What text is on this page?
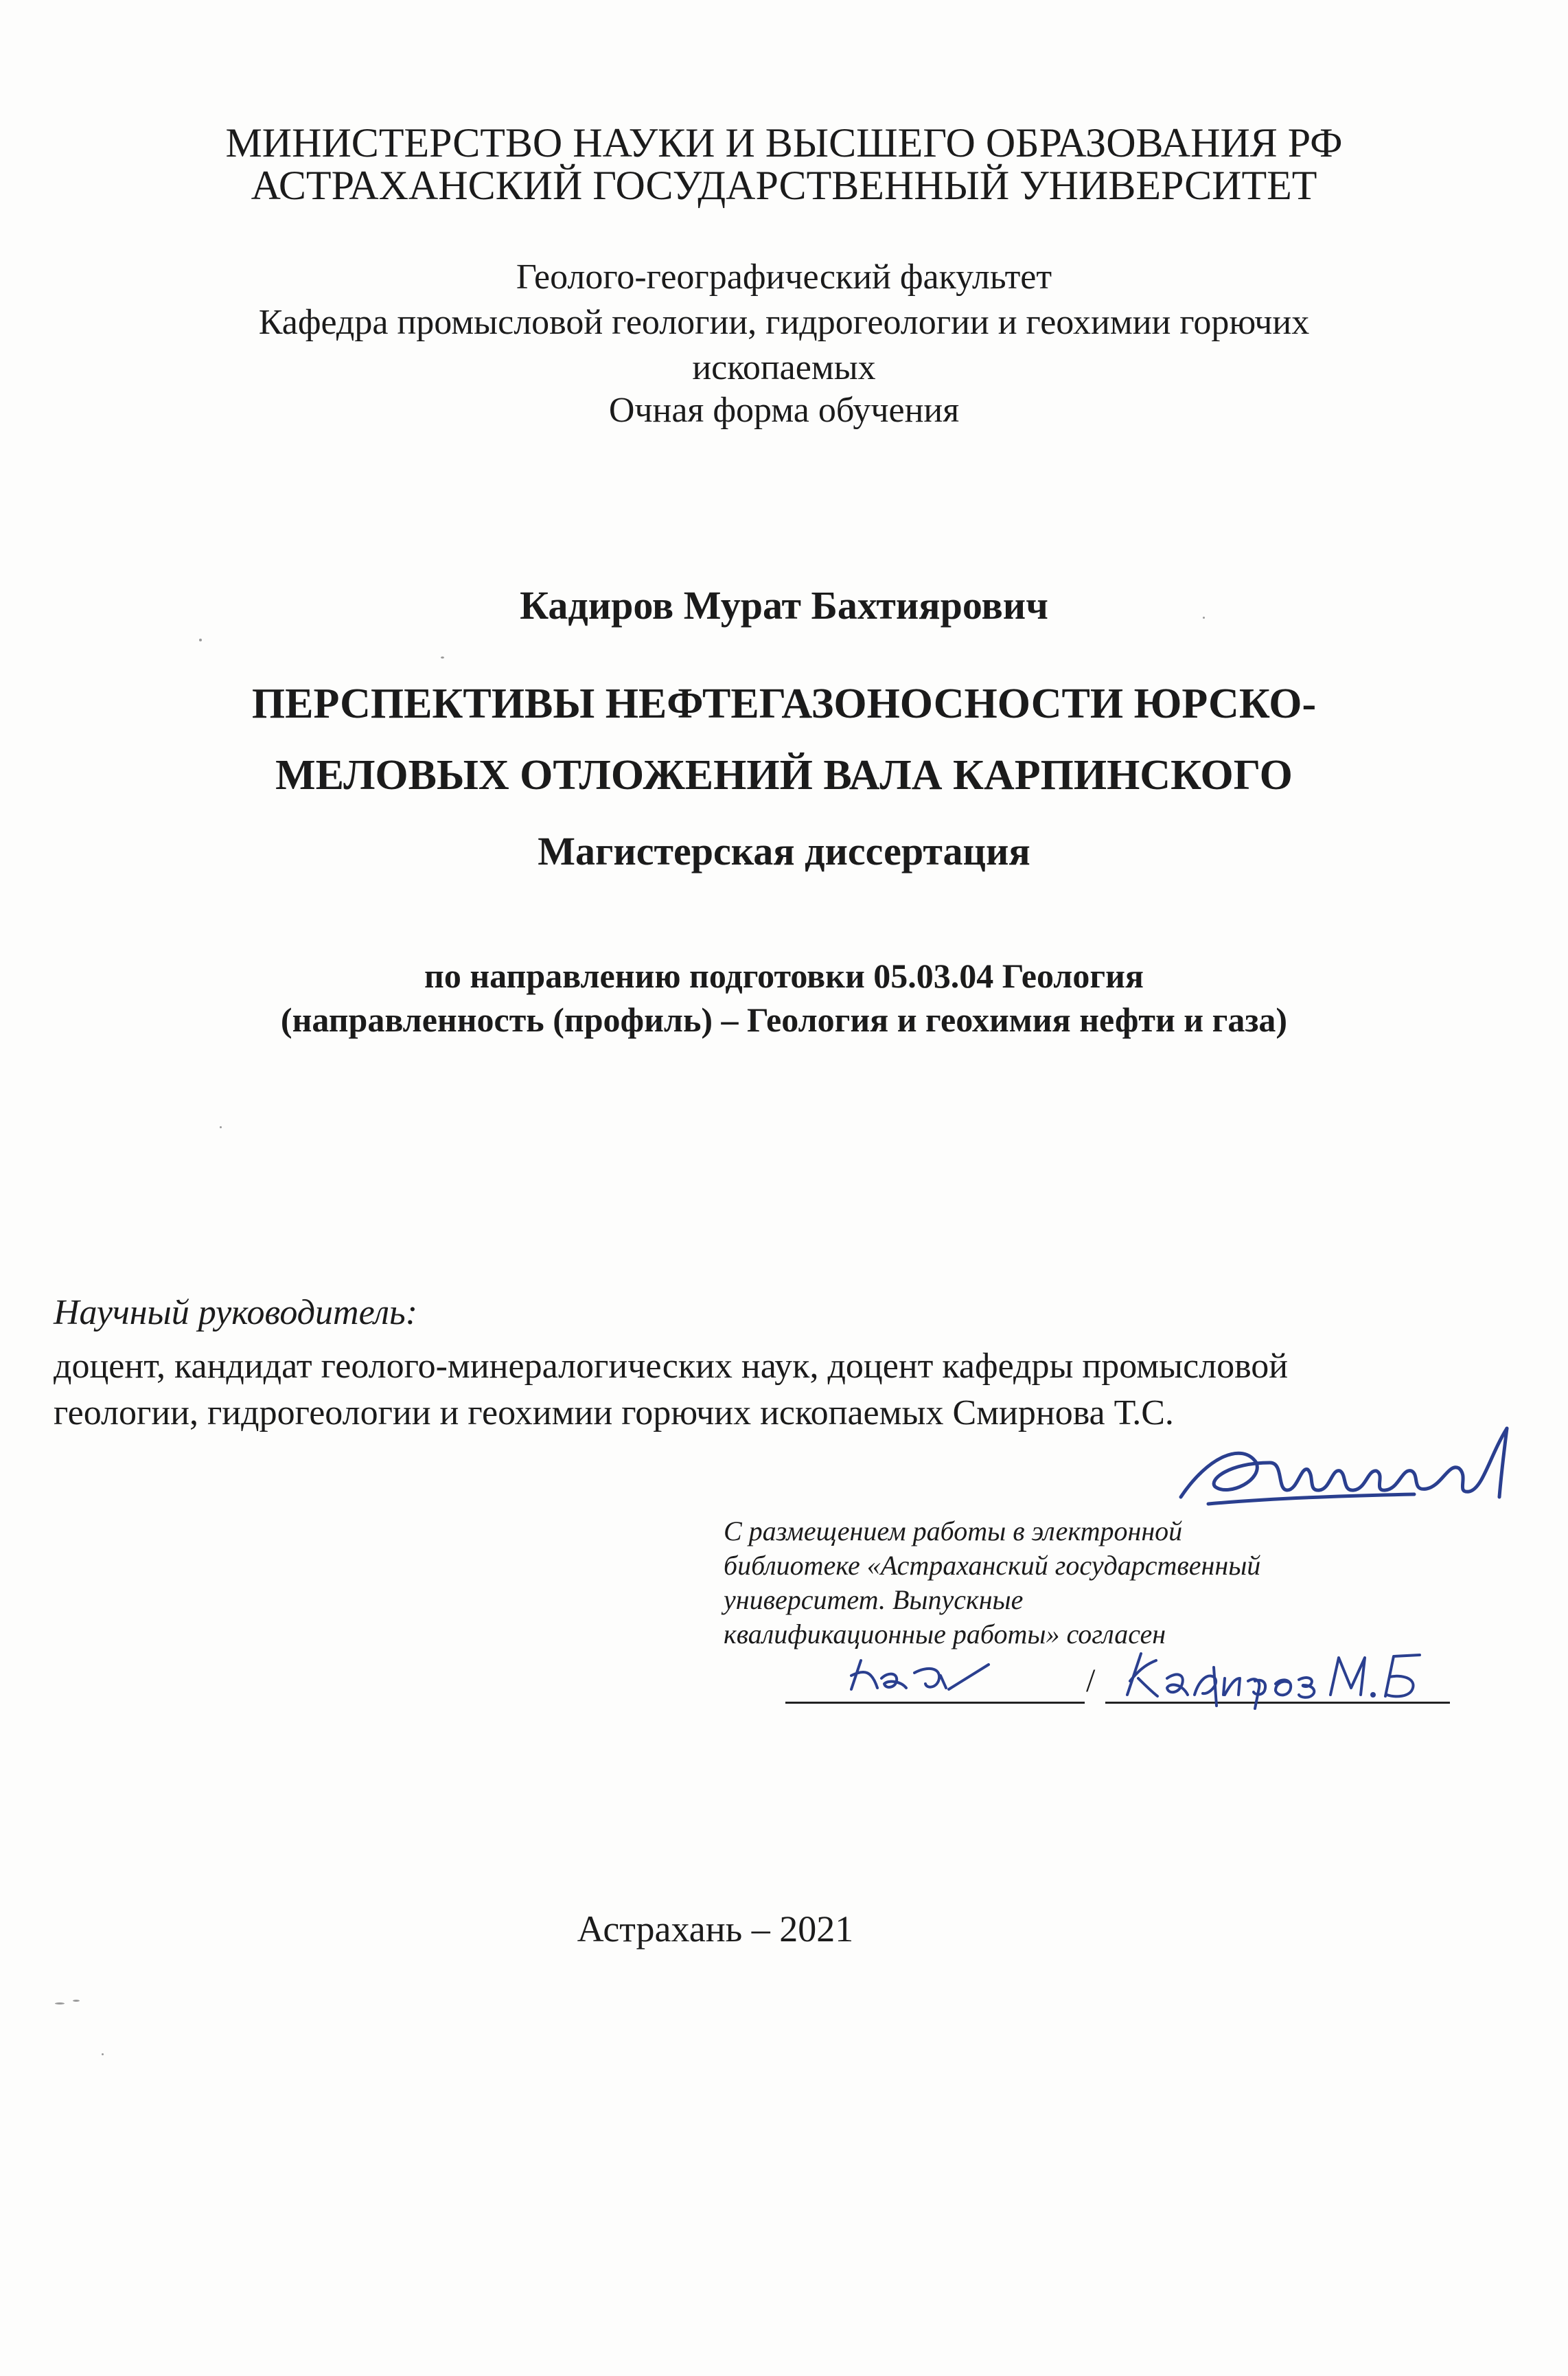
МИНИСТЕРСТВО НАУКИ И ВЫСШЕГО ОБРАЗОВАНИЯ РФ
АСТРАХАНСКИЙ ГОСУДАРСТВЕННЫЙ УНИВЕРСИТЕТ
Геолого-географический факультет
Кафедра промысловой геологии, гидрогеологии и геохимии горючих
ископаемых
Очная форма обучения
Кадиров Мурат Бахтиярович
ПЕРСПЕКТИВЫ НЕФТЕГАЗОНОСНОСТИ ЮРСКО-
МЕЛОВЫХ ОТЛОЖЕНИЙ ВАЛА КАРПИНСКОГО
Магистерская диссертация
по направлению подготовки 05.03.04 Геология
(направленность (профиль) – Геология и геохимия нефти и газа)
Научный руководитель:
доцент, кандидат геолого-минералогических наук, доцент кафедры промысловой
геологии, гидрогеологии и геохимии горючих ископаемых Смирнова Т.С.
С размещением работы в электронной
библиотеке «Астраханский государственный
университет. Выпускные
квалификационные работы» согласен
/
Астрахань – 2021
